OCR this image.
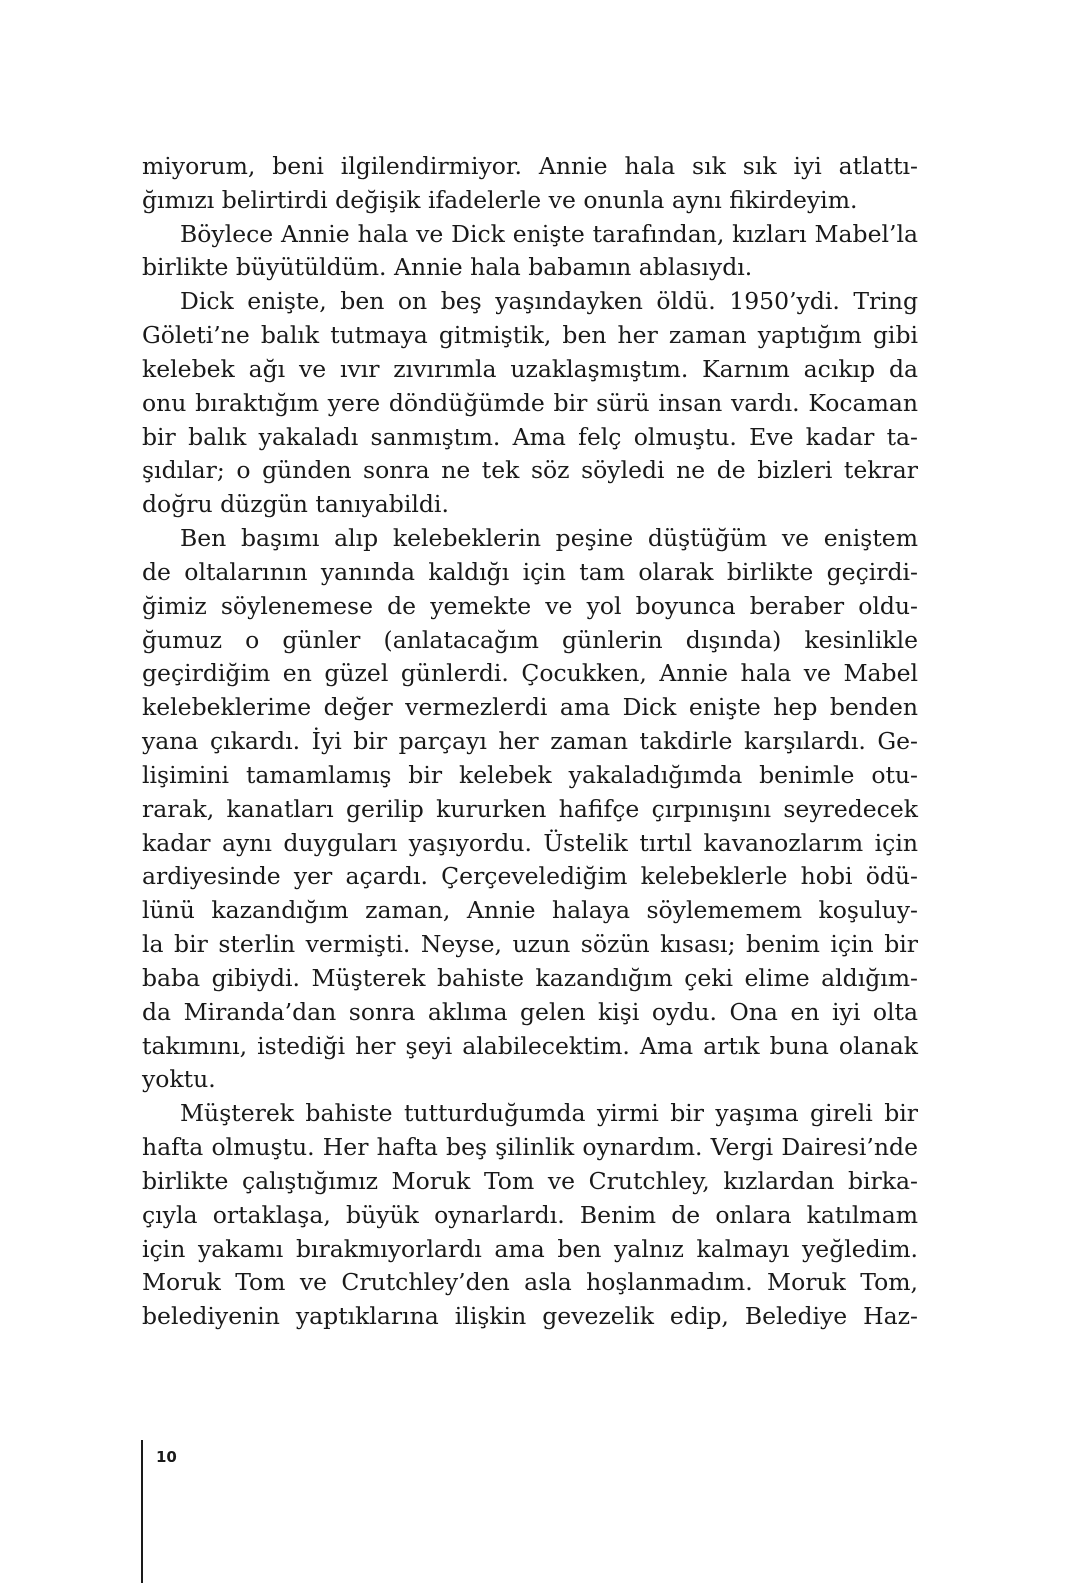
miyorum, beni ilgilendirmiyor. Annie hala sık sık iyi atlattı-
ğımızı belirtirdi değişik ifadelerle ve onunla aynı fikirdeyim.
Böylece Annie hala ve Dick enişte tarafından, kızları Mabel’la
birlikte büyütüldüm. Annie hala babamın ablasıydı.
Dick enişte, ben on beş yaşındayken öldü. 1950’ydi. Tring
Göleti’ne balık tutmaya gitmiştik, ben her zaman yaptığım gibi
kelebek ağı ve ıvır zıvırımla uzaklaşmıştım. Karnım acıkıp da
onu bıraktığım yere döndüğümde bir sürü insan vardı. Kocaman
bir balık yakaladı sanmıştım. Ama felç olmuştu. Eve kadar ta-
şıdılar; o günden sonra ne tek söz söyledi ne de bizleri tekrar
doğru düzgün tanıyabildi.
Ben başımı alıp kelebeklerin peşine düştüğüm ve eniştem
de oltalarının yanında kaldığı için tam olarak birlikte geçirdi-
ğimiz söylenemese de yemekte ve yol boyunca beraber oldu-
ğumuz o günler (anlatacağım günlerin dışında) kesinlikle
geçirdiğim en güzel günlerdi. Çocukken, Annie hala ve Mabel
kelebeklerime değer vermezlerdi ama Dick enişte hep benden
yana çıkardı. İyi bir parçayı her zaman takdirle karşılardı. Ge-
lişimini tamamlamış bir kelebek yakaladığımda benimle otu-
rarak, kanatları gerilip kururken hafifçe çırpınışını seyredecek
kadar aynı duyguları yaşıyordu. Üstelik tırtıl kavanozlarım için
ardiyesinde yer açardı. Çerçevelediğim kelebeklerle hobi ödü-
lünü kazandığım zaman, Annie halaya söylememem koşuluy-
la bir sterlin vermişti. Neyse, uzun sözün kısası; benim için bir
baba gibiydi. Müşterek bahiste kazandığım çeki elime aldığım-
da Miranda’dan sonra aklıma gelen kişi oydu. Ona en iyi olta
takımını, istediği her şeyi alabilecektim. Ama artık buna olanak
yoktu.
Müşterek bahiste tutturduğumda yirmi bir yaşıma gireli bir
hafta olmuştu. Her hafta beş şilinlik oynardım. Vergi Dairesi’nde
birlikte çalıştığımız Moruk Tom ve Crutchley, kızlardan birka-
çıyla ortaklaşa, büyük oynarlardı. Benim de onlara katılmam
için yakamı bırakmıyorlardı ama ben yalnız kalmayı yeğledim.
Moruk Tom ve Crutchley’den asla hoşlanmadım. Moruk Tom,
belediyenin yaptıklarına ilişkin gevezelik edip, Belediye Haz-
10
